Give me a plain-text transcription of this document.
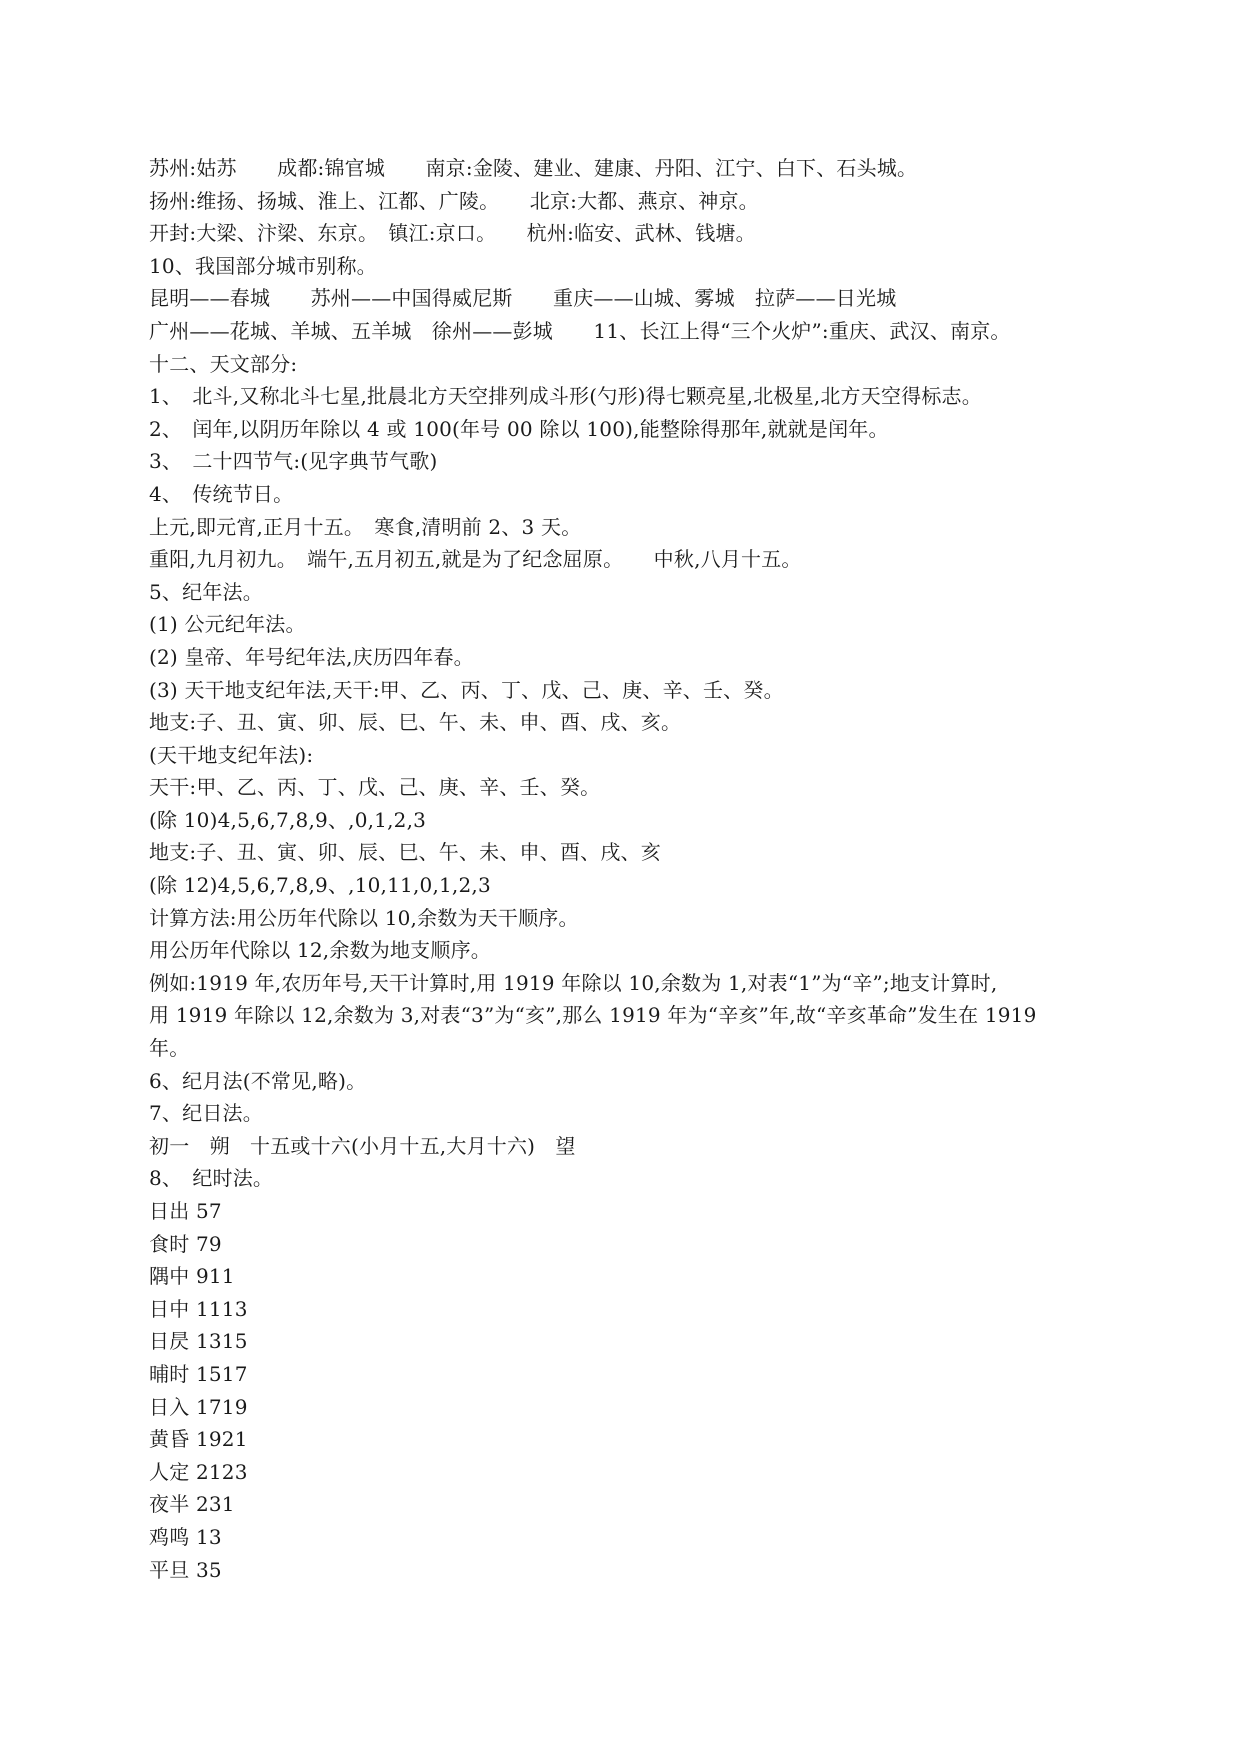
苏州:姑苏　　成都:锦官城　　南京:金陵、建业、建康、丹阳、江宁、白下、石头城。
扬州:维扬、扬城、淮上、江都、广陵。　　北京:大都、燕京、神京。
开封:大梁、汴梁、东京。　镇江:京口。　　杭州:临安、武林、钱塘。
10、我国部分城市别称。
昆明——春城　　苏州——中国得威尼斯　　重庆——山城、雾城　拉萨——日光城
广州——花城、羊城、五羊城　徐州——彭城　　11、长江上得“三个火炉”:重庆、武汉、南京。
十二、天文部分:
1、　北斗,又称北斗七星,批晨北方天空排列成斗形(勺形)得七颗亮星,北极星,北方天空得标志。
2、　闰年,以阴历年除以 4 或 100(年号 00 除以 100),能整除得那年,就就是闰年。
3、　二十四节气:(见字典节气歌)
4、　传统节日。
上元,即元宵,正月十五。　寒食,清明前 2、3 天。
重阳,九月初九。　端午,五月初五,就是为了纪念屈原。　　中秋,八月十五。
5、纪年法。
(1) 公元纪年法。
(2) 皇帝、年号纪年法,庆历四年春。
(3) 天干地支纪年法,天干:甲、乙、丙、丁、戊、己、庚、辛、壬、癸。
地支:子、丑、寅、卯、辰、巳、午、未、申、酉、戌、亥。
(天干地支纪年法):
天干:甲、乙、丙、丁、戊、己、庚、辛、壬、癸。
(除 10)4,5,6,7,8,9、,0,1,2,3
地支:子、丑、寅、卯、辰、巳、午、未、申、酉、戌、亥
(除 12)4,5,6,7,8,9、,10,11,0,1,2,3
计算方法:用公历年代除以 10,余数为天干顺序。
用公历年代除以 12,余数为地支顺序。
例如:1919 年,农历年号,天干计算时,用 1919 年除以 10,余数为 1,对表“1”为“辛”;地支计算时,
用 1919 年除以 12,余数为 3,对表“3”为“亥”,那么 1919 年为“辛亥”年,故“辛亥革命”发生在 1919
年。
6、纪月法(不常见,略)。
7、纪日法。
初一　朔　十五或十六(小月十五,大月十六)　望
8、　纪时法。
日出 57
食时 79
隅中 911
日中 1113
日昃 1315
晡时 1517
日入 1719
黄昏 1921
人定 2123
夜半 231
鸡鸣 13
平旦 35
